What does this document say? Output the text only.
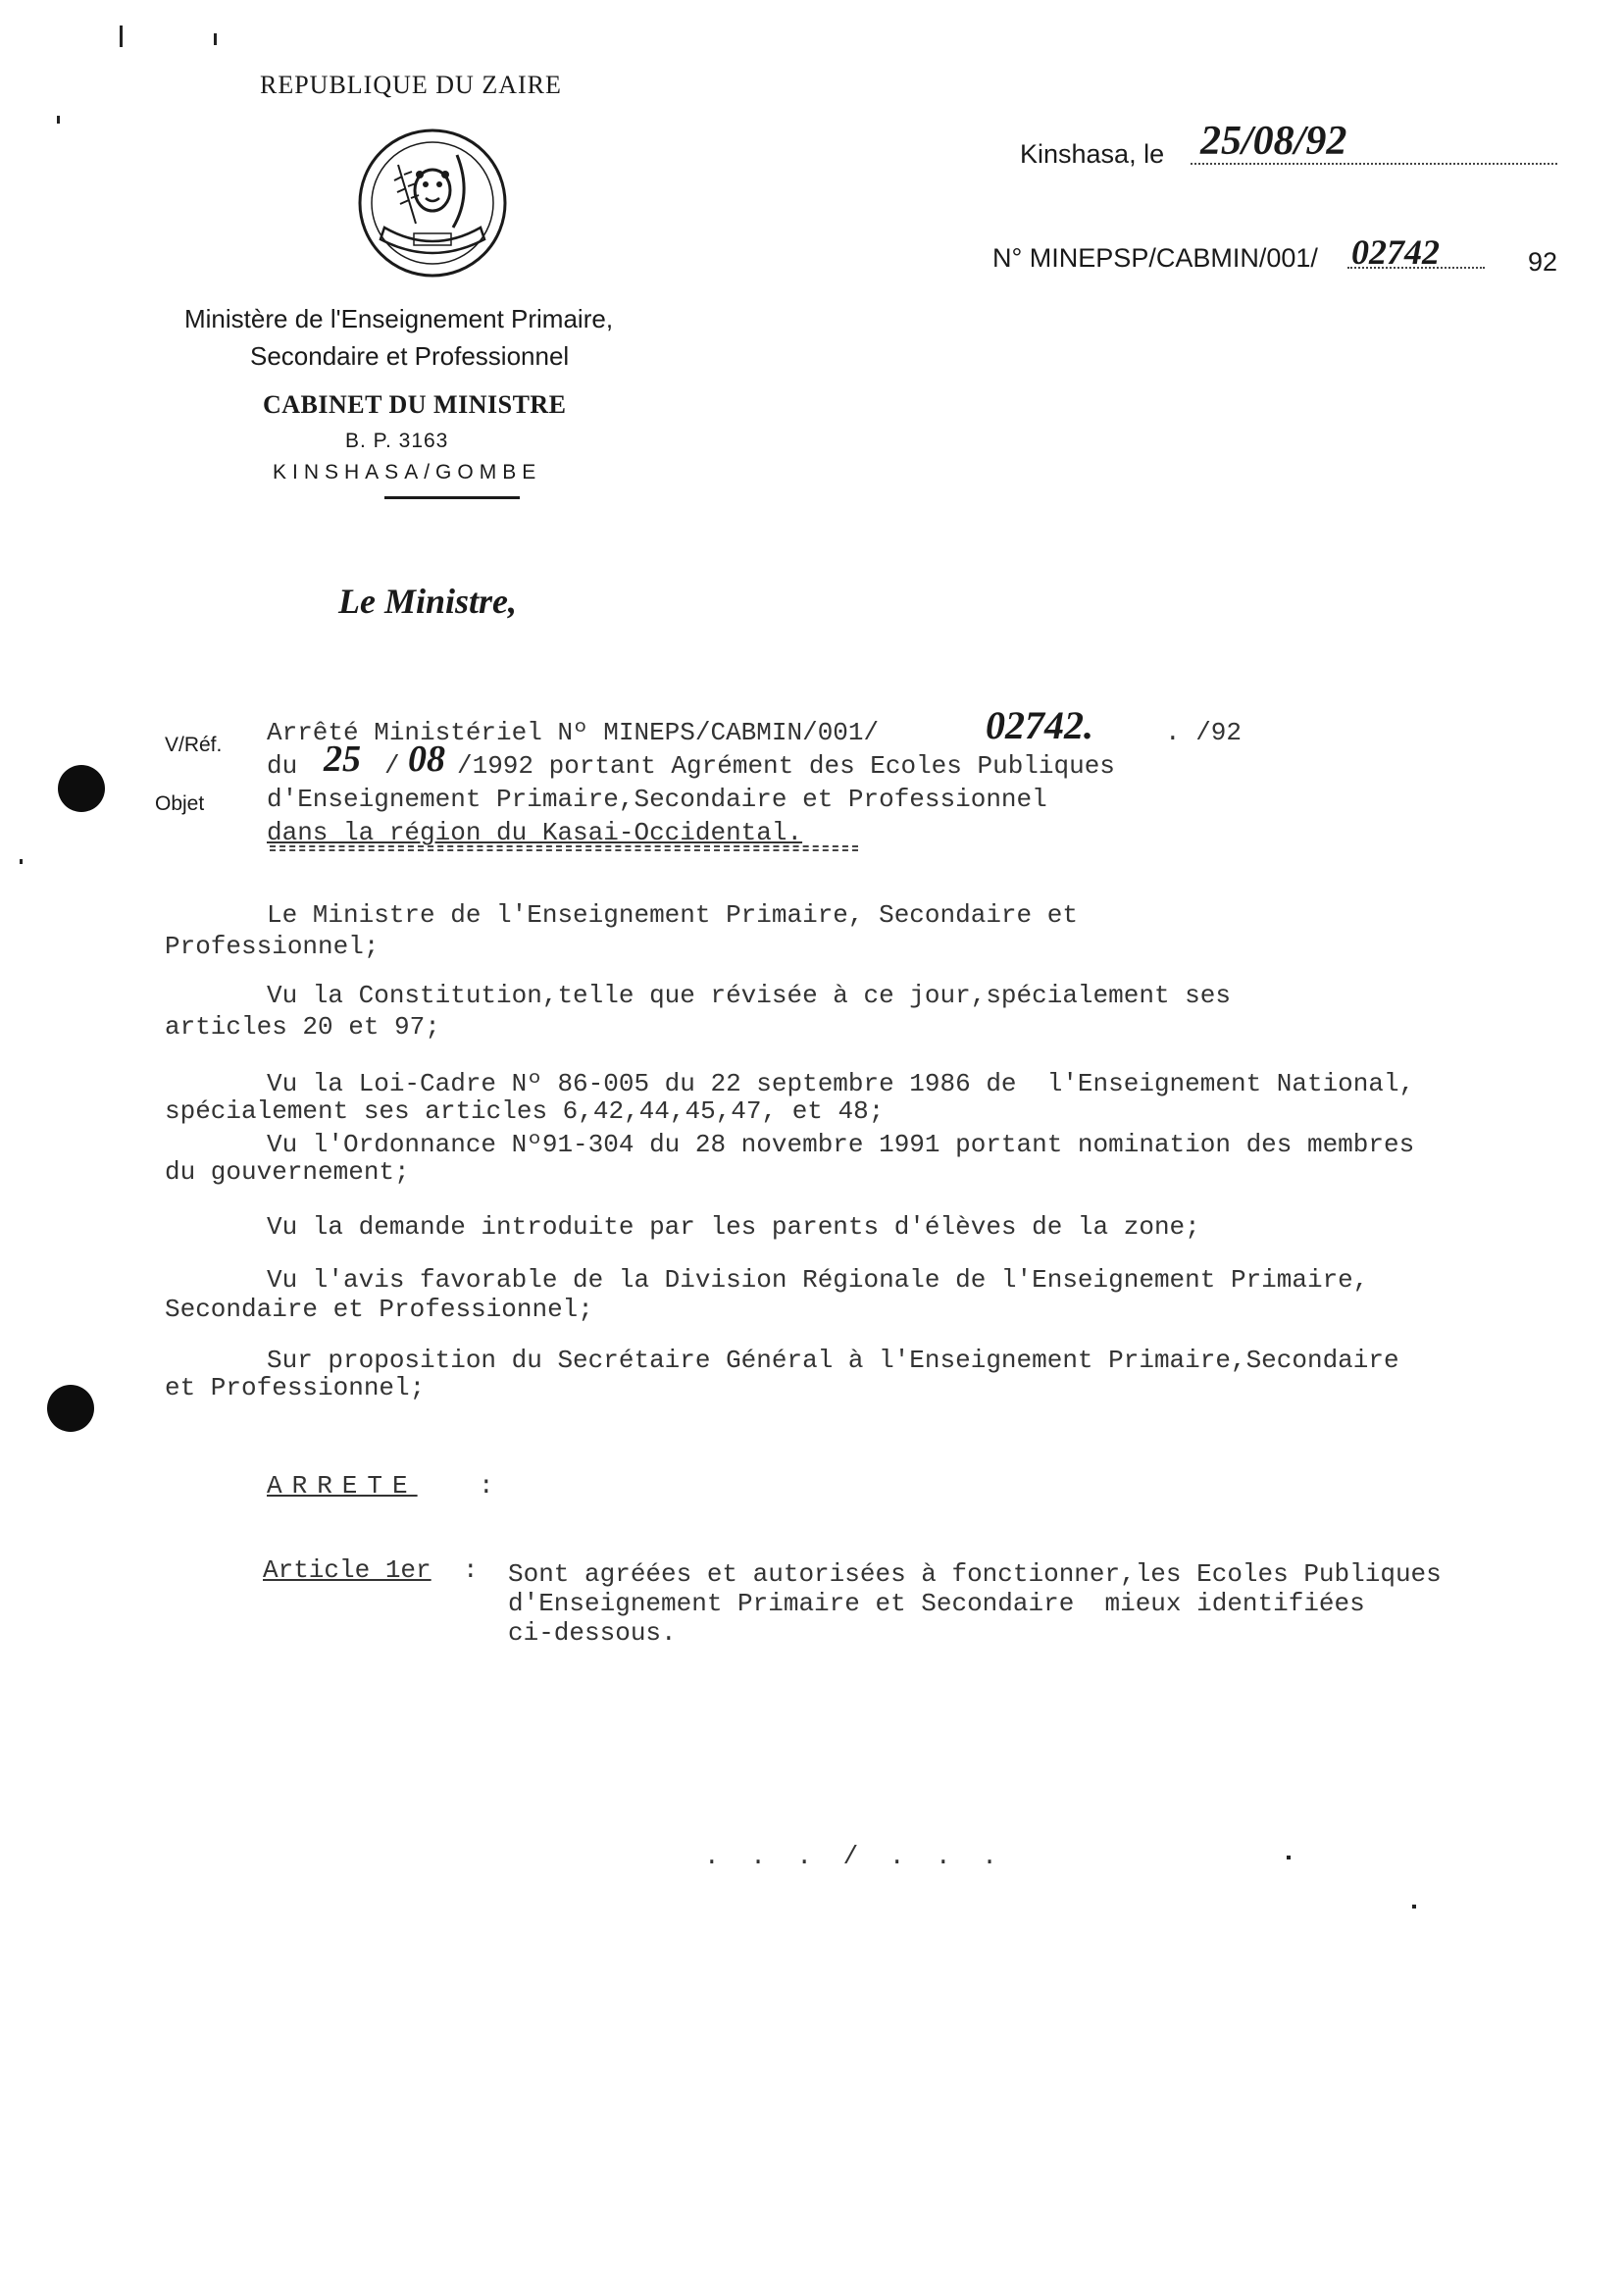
REPUBLIQUE DU ZAIRE
Ministère de l'Enseignement Primaire,
Secondaire et Professionnel
CABINET DU MINISTRE
B. P. 3163
KINSHASA/GOMBE
Kinshasa, le 25/08/92
N° MINEPSP/CABMIN/001/ 02742	92
Le Ministre,
V/Réf.
Objet
Arrêté Ministériel Nº MINEPS/CABMIN/001/	02742.	. /92
du 25 / 08 /1992 portant Agrément des Ecoles Publiques
d'Enseignement Primaire,Secondaire et Professionnel
dans la région du Kasai-Occidental.
Le Ministre de l'Enseignement Primaire, Secondaire et
Professionnel;
Vu la Constitution,telle que révisée à ce jour,spécialement ses
articles 20 et 97;
Vu la Loi-Cadre Nº 86-005 du 22 septembre 1986 de  l'Enseignement National,
spécialement ses articles 6,42,44,45,47, et 48;
Vu l'Ordonnance Nº91-304 du 28 novembre 1991 portant nomination des membres
du gouvernement;
Vu la demande introduite par les parents d'élèves de la zone;
Vu l'avis favorable de la Division Régionale de l'Enseignement Primaire,
Secondaire et Professionnel;
Sur proposition du Secrétaire Général à l'Enseignement Primaire,Secondaire
et Professionnel;
ARRETE :
Article 1er : Sont agréées et autorisées à fonctionner,les Ecoles Publiques
d'Enseignement Primaire et Secondaire  mieux identifiées
ci-dessous.
. . . / . . .
